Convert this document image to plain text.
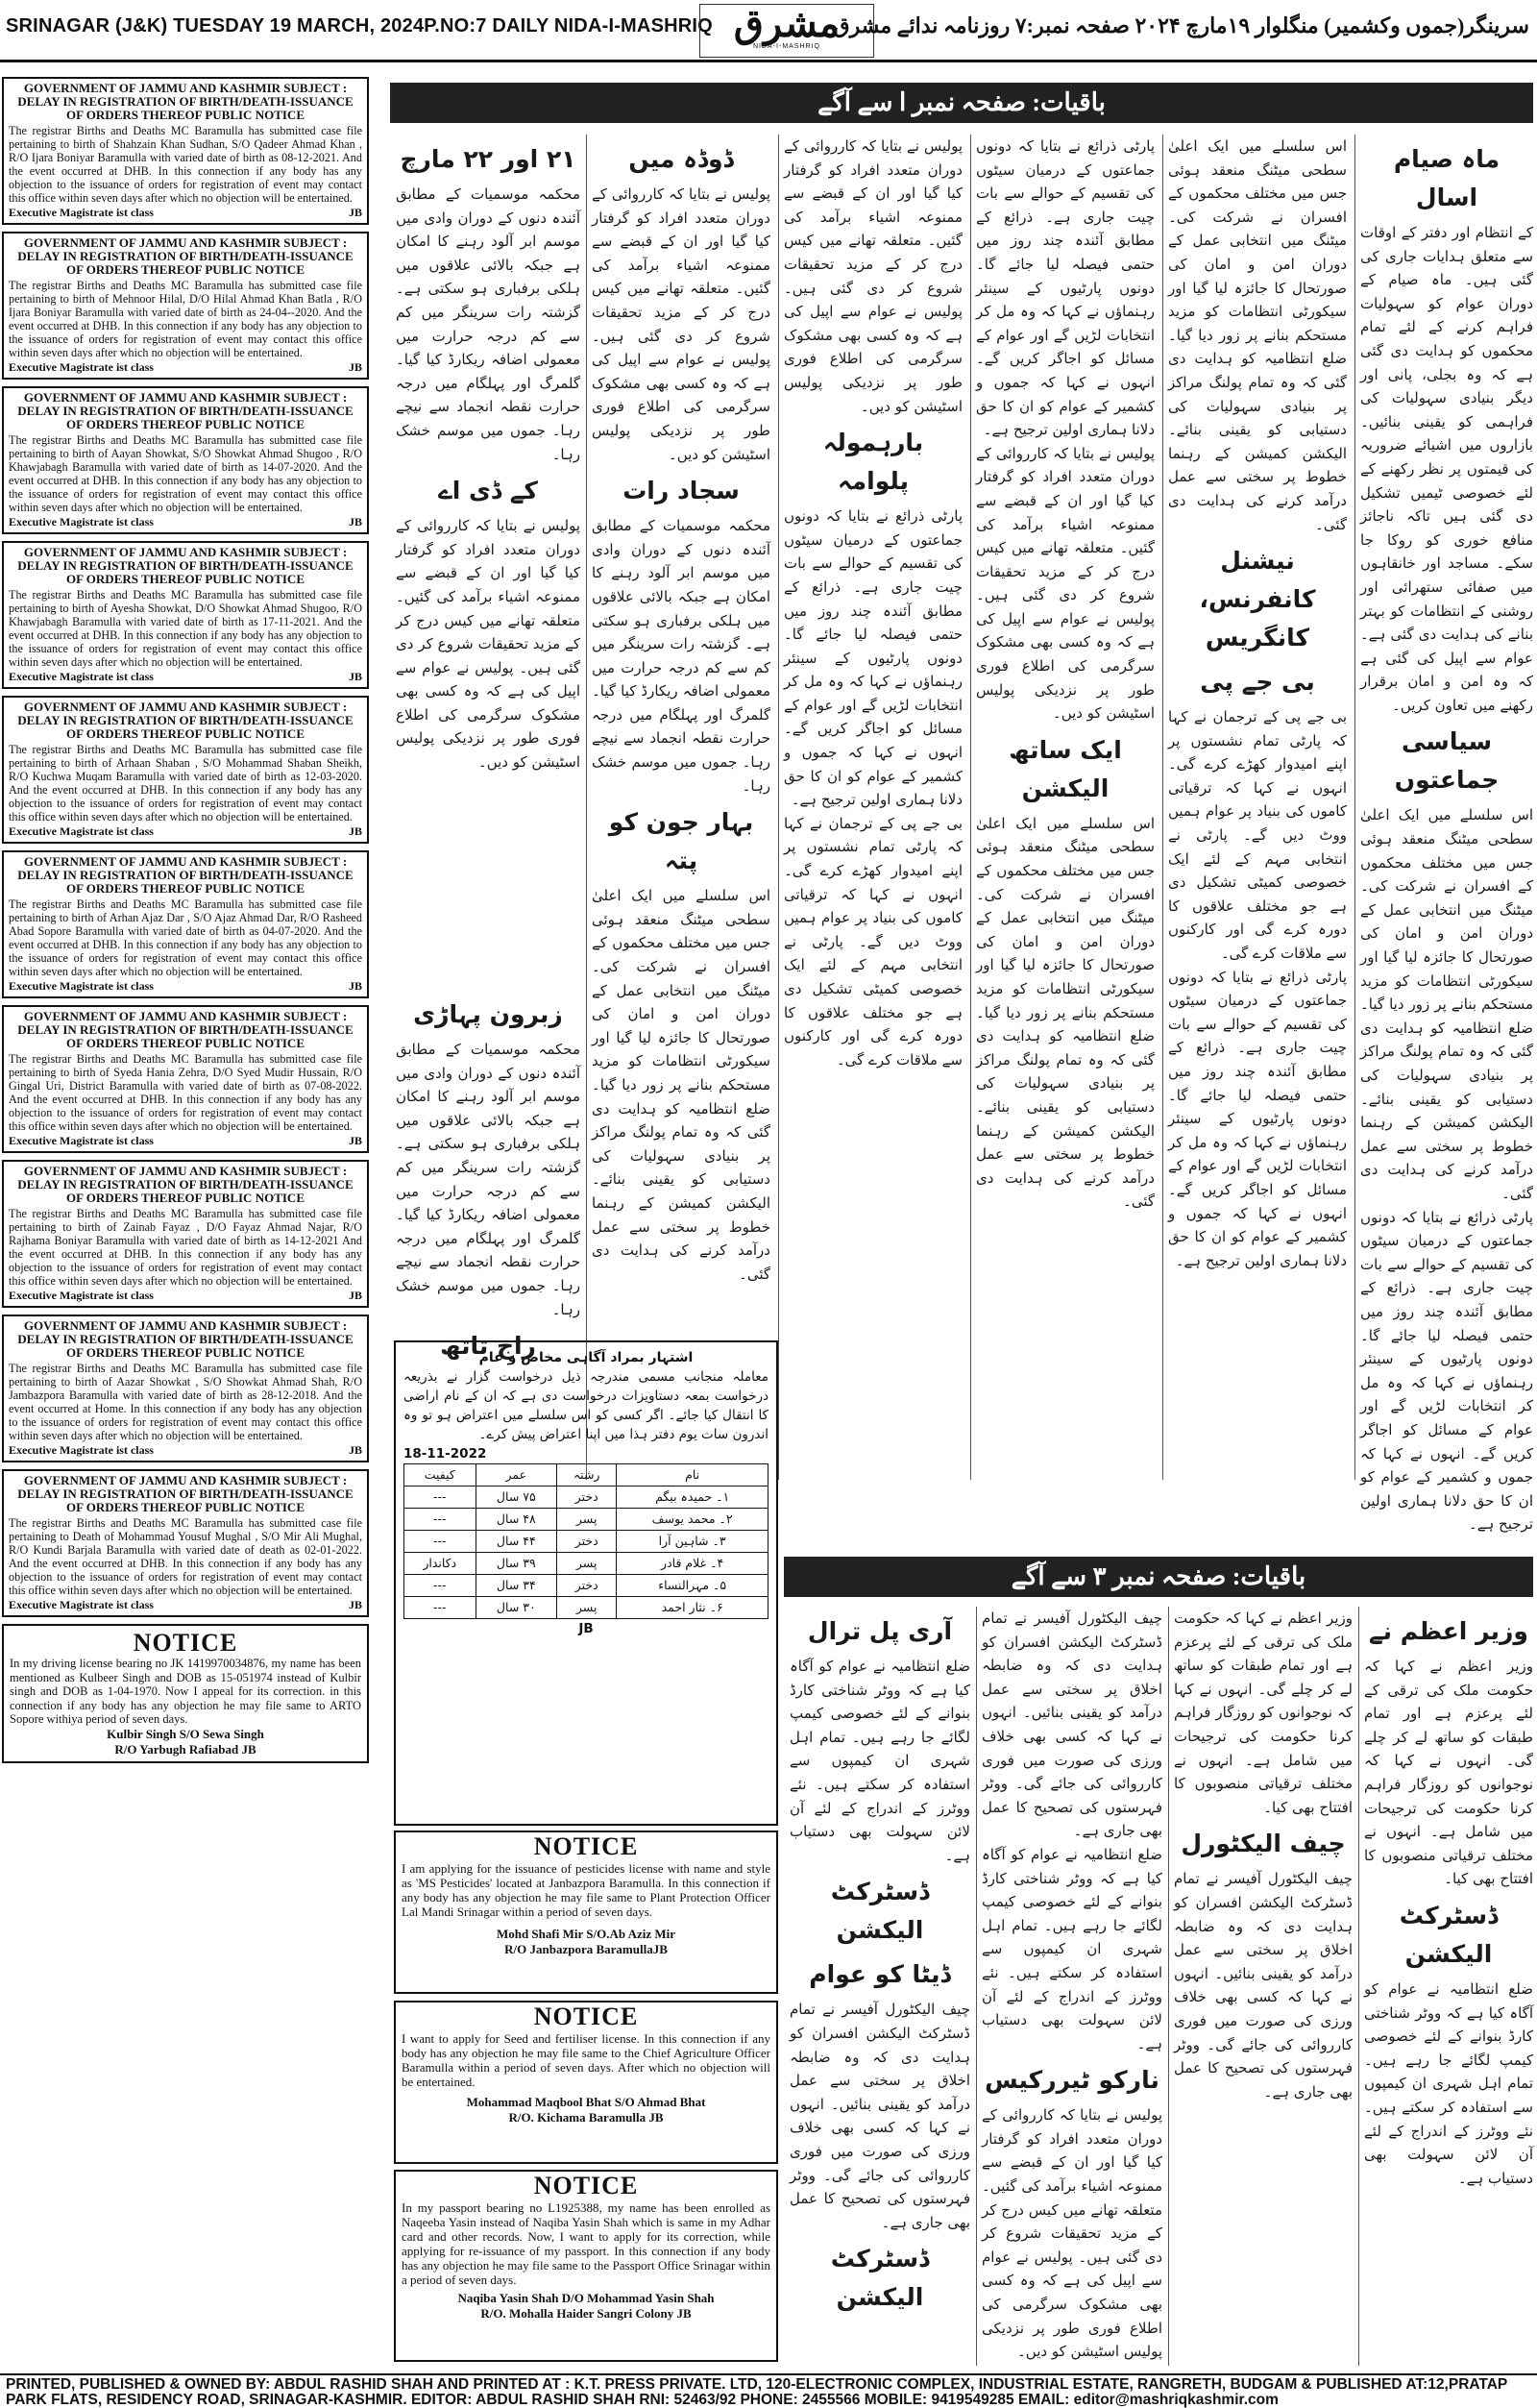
SRINAGAR (J&K) TUESDAY 19 MARCH, 2024P.NO:7 DAILY NIDA-I-MASHRIQ مشرق
NIDA-I-MASHRIQ
سرینگر(جموں وکشمیر) منگلوار ۱۹مارچ ۲۰۲۴ صفحہ نمبر:۷ روزنامہ ندائے مشرق
GOVERNMENT OF JAMMU AND KASHMIR SUBJECT : DELAY IN REGISTRATION OF BIRTH/DEATH-ISSUANCE OF ORDERS THEREOF PUBLIC NOTICE
The registrar Births and Deaths MC Baramulla has submitted case file pertaining to birth of Shahzain Khan Sudhan, S/O Qadeer Ahmad Khan , R/O Ijara Boniyar Baramulla with varied date of birth as 08-12-2021. And the event occurred at DHB. In this connection if any body has any objection to the issuance of orders for registration of event may contact this office within seven days after which no objection will be entertained.
Executive Magistrate ist class	JB
GOVERNMENT OF JAMMU AND KASHMIR SUBJECT : DELAY IN REGISTRATION OF BIRTH/DEATH-ISSUANCE OF ORDERS THEREOF PUBLIC NOTICE
The registrar Births and Deaths MC Baramulla has submitted case file pertaining to birth of Mehnoor Hilal, D/O Hilal Ahmad Khan Batla , R/O Ijara Boniyar Baramulla with varied date of birth as 24-04--2020. And the event occurred at DHB. In this connection if any body has any objection to the issuance of orders for registration of event may contact this office within seven days after which no objection will be entertained.
Executive Magistrate ist class	JB
GOVERNMENT OF JAMMU AND KASHMIR SUBJECT : DELAY IN REGISTRATION OF BIRTH/DEATH-ISSUANCE OF ORDERS THEREOF PUBLIC NOTICE
The registrar Births and Deaths MC Baramulla has submitted case file pertaining to birth of Aayan Showkat, S/O Showkat Ahmad Shugoo , R/O Khawjabagh Baramulla with varied date of birth as 14-07-2020. And the event occurred at DHB. In this connection if any body has any objection to the issuance of orders for registration of event may contact this office within seven days after which no objection will be entertained.
Executive Magistrate ist class	JB
GOVERNMENT OF JAMMU AND KASHMIR SUBJECT : DELAY IN REGISTRATION OF BIRTH/DEATH-ISSUANCE OF ORDERS THEREOF PUBLIC NOTICE
The registrar Births and Deaths MC Baramulla has submitted case file pertaining to birth of Ayesha Showkat, D/O Showkat Ahmad Shugoo, R/O Khawjabagh Baramulla with varied date of birth as 17-11-2021. And the event occurred at DHB. In this connection if any body has any objection to the issuance of orders for registration of event may contact this office within seven days after which no objection will be entertained.
Executive Magistrate ist class	JB
GOVERNMENT OF JAMMU AND KASHMIR SUBJECT : DELAY IN REGISTRATION OF BIRTH/DEATH-ISSUANCE OF ORDERS THEREOF PUBLIC NOTICE
The registrar Births and Deaths MC Baramulla has submitted case file pertaining to birth of Arhaan Shaban , S/O Mohammad Shaban Sheikh, R/O Kuchwa Muqam Baramulla with varied date of birth as 12-03-2020. And the event occurred at DHB. In this connection if any body has any objection to the issuance of orders for registration of event may contact this office within seven days after which no objection will be entertained.
Executive Magistrate ist class	JB
GOVERNMENT OF JAMMU AND KASHMIR SUBJECT : DELAY IN REGISTRATION OF BIRTH/DEATH-ISSUANCE OF ORDERS THEREOF PUBLIC NOTICE
The registrar Births and Deaths MC Baramulla has submitted case file pertaining to birth of Arhan Ajaz Dar , S/O Ajaz Ahmad Dar, R/O Rasheed Abad Sopore Baramulla with varied date of birth as 04-07-2020. And the event occurred at DHB. In this connection if any body has any objection to the issuance of orders for registration of event may contact this office within seven days after which no objection will be entertained.
Executive Magistrate ist class	JB
GOVERNMENT OF JAMMU AND KASHMIR SUBJECT : DELAY IN REGISTRATION OF BIRTH/DEATH-ISSUANCE OF ORDERS THEREOF PUBLIC NOTICE
The registrar Births and Deaths MC Baramulla has submitted case file pertaining to birth of Syeda Hania Zehra, D/O Syed Mudir Hussain, R/O Gingal Uri, District Baramulla with varied date of birth as 07-08-2022. And the event occurred at DHB. In this connection if any body has any objection to the issuance of orders for registration of event may contact this office within seven days after which no objection will be entertained.
Executive Magistrate ist class	JB
GOVERNMENT OF JAMMU AND KASHMIR SUBJECT : DELAY IN REGISTRATION OF BIRTH/DEATH-ISSUANCE OF ORDERS THEREOF PUBLIC NOTICE
The registrar Births and Deaths MC Baramulla has submitted case file pertaining to birth of Zainab Fayaz , D/O Fayaz Ahmad Najar, R/O Rajhama Boniyar Baramulla with varied date of birth as 14-12-2021 And the event occurred at DHB. In this connection if any body has any objection to the issuance of orders for registration of event may contact this office within seven days after which no objection will be entertained.
Executive Magistrate ist class	JB
GOVERNMENT OF JAMMU AND KASHMIR SUBJECT : DELAY IN REGISTRATION OF BIRTH/DEATH-ISSUANCE OF ORDERS THEREOF PUBLIC NOTICE
The registrar Births and Deaths MC Baramulla has submitted case file pertaining to birth of Aazar Showkat , S/O Showkat Ahmad Shah, R/O Jambazpora Baramulla with varied date of birth as 28-12-2018. And the event occurred at Home. In this connection if any body has any objection to the issuance of orders for registration of event may contact this office within seven days after which no objection will be entertained.
Executive Magistrate ist class	JB
GOVERNMENT OF JAMMU AND KASHMIR SUBJECT : DELAY IN REGISTRATION OF BIRTH/DEATH-ISSUANCE OF ORDERS THEREOF PUBLIC NOTICE
The registrar Births and Deaths MC Baramulla has submitted case file pertaining to Death of Mohammad Yousuf Mughal , S/O Mir Ali Mughal, R/O Kundi Barjala Baramulla with varied date of death as 02-01-2022. And the event occurred at DHB. In this connection if any body has any objection to the issuance of orders for registration of event may contact this office within seven days after which no objection will be entertained.
Executive Magistrate ist class	JB
NOTICE
In my driving license bearing no JK 1419970034876, my name has been mentioned as Kulbeer Singh and DOB as 15-051974 instead of Kulbir singh and DOB as 1-04-1970. Now I appeal for its correction. in this connection if any body has any objection he may file same to ARTO Sopore withiya period of seven days.
Kulbir Singh S/O Sewa Singh
R/O Yarbugh Rafiabad JB
باقیات: صفحہ نمبر ا سے آگے
ماہ صیام اسال
کے انتظام اور دفتر کے اوقات سے متعلق ہدایات جاری کی گئی ہیں۔ ماہ صیام کے دوران عوام کو سہولیات فراہم کرنے کے لئے تمام محکموں کو ہدایت دی گئی ہے کہ وہ بجلی، پانی اور دیگر بنیادی سہولیات کی فراہمی کو یقینی بنائیں۔ بازاروں میں اشیائے ضروریہ کی قیمتوں پر نظر رکھنے کے لئے خصوصی ٹیمیں تشکیل دی گئی ہیں تاکہ ناجائز منافع خوری کو روکا جا سکے۔ مساجد اور خانقاہوں میں صفائی ستھرائی اور روشنی کے انتظامات کو بہتر بنانے کی ہدایت دی گئی ہے۔ عوام سے اپیل کی گئی ہے کہ وہ امن و امان برقرار رکھنے میں تعاون کریں۔
سیاسی جماعتوں
اس سلسلے میں ایک اعلیٰ سطحی میٹنگ منعقد ہوئی جس میں مختلف محکموں کے افسران نے شرکت کی۔ میٹنگ میں انتخابی عمل کے دوران امن و امان کی صورتحال کا جائزہ لیا گیا اور سیکورٹی انتظامات کو مزید مستحکم بنانے پر زور دیا گیا۔ ضلع انتظامیہ کو ہدایت دی گئی کہ وہ تمام پولنگ مراکز پر بنیادی سہولیات کی دستیابی کو یقینی بنائے۔ الیکشن کمیشن کے رہنما خطوط پر سختی سے عمل درآمد کرنے کی ہدایت دی گئی۔
پارٹی ذرائع نے بتایا کہ دونوں جماعتوں کے درمیان سیٹوں کی تقسیم کے حوالے سے بات چیت جاری ہے۔ ذرائع کے مطابق آئندہ چند روز میں حتمی فیصلہ لیا جائے گا۔ دونوں پارٹیوں کے سینئر رہنماؤں نے کہا کہ وہ مل کر انتخابات لڑیں گے اور عوام کے مسائل کو اجاگر کریں گے۔ انہوں نے کہا کہ جموں و کشمیر کے عوام کو ان کا حق دلانا ہماری اولین ترجیح ہے۔
اس سلسلے میں ایک اعلیٰ سطحی میٹنگ منعقد ہوئی جس میں مختلف محکموں کے افسران نے شرکت کی۔ میٹنگ میں انتخابی عمل کے دوران امن و امان کی صورتحال کا جائزہ لیا گیا اور سیکورٹی انتظامات کو مزید مستحکم بنانے پر زور دیا گیا۔ ضلع انتظامیہ کو ہدایت دی گئی کہ وہ تمام پولنگ مراکز پر بنیادی سہولیات کی دستیابی کو یقینی بنائے۔ الیکشن کمیشن کے رہنما خطوط پر سختی سے عمل درآمد کرنے کی ہدایت دی گئی۔
نیشنل کانفرنس، کانگریس
بی جے پی
بی جے پی کے ترجمان نے کہا کہ پارٹی تمام نشستوں پر اپنے امیدوار کھڑے کرے گی۔ انہوں نے کہا کہ ترقیاتی کاموں کی بنیاد پر عوام ہمیں ووٹ دیں گے۔ پارٹی نے انتخابی مہم کے لئے ایک خصوصی کمیٹی تشکیل دی ہے جو مختلف علاقوں کا دورہ کرے گی اور کارکنوں سے ملاقات کرے گی۔
پارٹی ذرائع نے بتایا کہ دونوں جماعتوں کے درمیان سیٹوں کی تقسیم کے حوالے سے بات چیت جاری ہے۔ ذرائع کے مطابق آئندہ چند روز میں حتمی فیصلہ لیا جائے گا۔ دونوں پارٹیوں کے سینئر رہنماؤں نے کہا کہ وہ مل کر انتخابات لڑیں گے اور عوام کے مسائل کو اجاگر کریں گے۔ انہوں نے کہا کہ جموں و کشمیر کے عوام کو ان کا حق دلانا ہماری اولین ترجیح ہے۔
پارٹی ذرائع نے بتایا کہ دونوں جماعتوں کے درمیان سیٹوں کی تقسیم کے حوالے سے بات چیت جاری ہے۔ ذرائع کے مطابق آئندہ چند روز میں حتمی فیصلہ لیا جائے گا۔ دونوں پارٹیوں کے سینئر رہنماؤں نے کہا کہ وہ مل کر انتخابات لڑیں گے اور عوام کے مسائل کو اجاگر کریں گے۔ انہوں نے کہا کہ جموں و کشمیر کے عوام کو ان کا حق دلانا ہماری اولین ترجیح ہے۔
پولیس نے بتایا کہ کارروائی کے دوران متعدد افراد کو گرفتار کیا گیا اور ان کے قبضے سے ممنوعہ اشیاء برآمد کی گئیں۔ متعلقہ تھانے میں کیس درج کر کے مزید تحقیقات شروع کر دی گئی ہیں۔ پولیس نے عوام سے اپیل کی ہے کہ وہ کسی بھی مشکوک سرگرمی کی اطلاع فوری طور پر نزدیکی پولیس اسٹیشن کو دیں۔
ایک ساتھ الیکشن
اس سلسلے میں ایک اعلیٰ سطحی میٹنگ منعقد ہوئی جس میں مختلف محکموں کے افسران نے شرکت کی۔ میٹنگ میں انتخابی عمل کے دوران امن و امان کی صورتحال کا جائزہ لیا گیا اور سیکورٹی انتظامات کو مزید مستحکم بنانے پر زور دیا گیا۔ ضلع انتظامیہ کو ہدایت دی گئی کہ وہ تمام پولنگ مراکز پر بنیادی سہولیات کی دستیابی کو یقینی بنائے۔ الیکشن کمیشن کے رہنما خطوط پر سختی سے عمل درآمد کرنے کی ہدایت دی گئی۔
پولیس نے بتایا کہ کارروائی کے دوران متعدد افراد کو گرفتار کیا گیا اور ان کے قبضے سے ممنوعہ اشیاء برآمد کی گئیں۔ متعلقہ تھانے میں کیس درج کر کے مزید تحقیقات شروع کر دی گئی ہیں۔ پولیس نے عوام سے اپیل کی ہے کہ وہ کسی بھی مشکوک سرگرمی کی اطلاع فوری طور پر نزدیکی پولیس اسٹیشن کو دیں۔
بارہمولہ پلوامہ
پارٹی ذرائع نے بتایا کہ دونوں جماعتوں کے درمیان سیٹوں کی تقسیم کے حوالے سے بات چیت جاری ہے۔ ذرائع کے مطابق آئندہ چند روز میں حتمی فیصلہ لیا جائے گا۔ دونوں پارٹیوں کے سینئر رہنماؤں نے کہا کہ وہ مل کر انتخابات لڑیں گے اور عوام کے مسائل کو اجاگر کریں گے۔ انہوں نے کہا کہ جموں و کشمیر کے عوام کو ان کا حق دلانا ہماری اولین ترجیح ہے۔
بی جے پی کے ترجمان نے کہا کہ پارٹی تمام نشستوں پر اپنے امیدوار کھڑے کرے گی۔ انہوں نے کہا کہ ترقیاتی کاموں کی بنیاد پر عوام ہمیں ووٹ دیں گے۔ پارٹی نے انتخابی مہم کے لئے ایک خصوصی کمیٹی تشکیل دی ہے جو مختلف علاقوں کا دورہ کرے گی اور کارکنوں سے ملاقات کرے گی۔
ڈوڈہ میں
پولیس نے بتایا کہ کارروائی کے دوران متعدد افراد کو گرفتار کیا گیا اور ان کے قبضے سے ممنوعہ اشیاء برآمد کی گئیں۔ متعلقہ تھانے میں کیس درج کر کے مزید تحقیقات شروع کر دی گئی ہیں۔ پولیس نے عوام سے اپیل کی ہے کہ وہ کسی بھی مشکوک سرگرمی کی اطلاع فوری طور پر نزدیکی پولیس اسٹیشن کو دیں۔
سجاد رات
محکمہ موسمیات کے مطابق آئندہ دنوں کے دوران وادی میں موسم ابر آلود رہنے کا امکان ہے جبکہ بالائی علاقوں میں ہلکی برفباری ہو سکتی ہے۔ گزشتہ رات سرینگر میں کم سے کم درجہ حرارت میں معمولی اضافہ ریکارڈ کیا گیا۔ گلمرگ اور پہلگام میں درجہ حرارت نقطہ انجماد سے نیچے رہا۔ جموں میں موسم خشک رہا۔
بہار جون کو پتہ
اس سلسلے میں ایک اعلیٰ سطحی میٹنگ منعقد ہوئی جس میں مختلف محکموں کے افسران نے شرکت کی۔ میٹنگ میں انتخابی عمل کے دوران امن و امان کی صورتحال کا جائزہ لیا گیا اور سیکورٹی انتظامات کو مزید مستحکم بنانے پر زور دیا گیا۔ ضلع انتظامیہ کو ہدایت دی گئی کہ وہ تمام پولنگ مراکز پر بنیادی سہولیات کی دستیابی کو یقینی بنائے۔ الیکشن کمیشن کے رہنما خطوط پر سختی سے عمل درآمد کرنے کی ہدایت دی گئی۔
۲۱ اور ۲۲ مارچ
محکمہ موسمیات کے مطابق آئندہ دنوں کے دوران وادی میں موسم ابر آلود رہنے کا امکان ہے جبکہ بالائی علاقوں میں ہلکی برفباری ہو سکتی ہے۔ گزشتہ رات سرینگر میں کم سے کم درجہ حرارت میں معمولی اضافہ ریکارڈ کیا گیا۔ گلمرگ اور پہلگام میں درجہ حرارت نقطہ انجماد سے نیچے رہا۔ جموں میں موسم خشک رہا۔
کے ڈی اے
پولیس نے بتایا کہ کارروائی کے دوران متعدد افراد کو گرفتار کیا گیا اور ان کے قبضے سے ممنوعہ اشیاء برآمد کی گئیں۔ متعلقہ تھانے میں کیس درج کر کے مزید تحقیقات شروع کر دی گئی ہیں۔ پولیس نے عوام سے اپیل کی ہے کہ وہ کسی بھی مشکوک سرگرمی کی اطلاع فوری طور پر نزدیکی پولیس اسٹیشن کو دیں۔
اشتہار بمراد آگاہی مخاص و عام
معاملہ منجانب مسمی مندرجہ ذیل درخواست گزار نے بذریعہ درخواست بمعہ دستاویزات درخواست دی ہے کہ ان کے نام اراضی کا انتقال کیا جائے۔ اگر کسی کو اس سلسلے میں اعتراض ہو تو وہ اندرون سات یوم دفتر ہذا میں اپنا اعتراض پیش کرے۔
18-11-2022
نام	رشتہ	عمر	کیفیت
۱۔ حمیدہ بیگم	دختر	۷۵ سال	---
۲۔ محمد یوسف	پسر	۴۸ سال	---
۳۔ شاہین آرا	دختر	۴۴ سال	---
۴۔ غلام قادر	پسر	۳۹ سال	دکاندار
۵۔ مہرالنساء	دختر	۳۴ سال	---
۶۔ نثار احمد	پسر	۳۰ سال	---
JB
NOTICE
I am applying for the issuance of pesticides license with name and style as 'MS Pesticides' located at Janbazpora Baramulla. In this connection if any body has any objection he may file same to Plant Protection Officer Lal Mandi Srinagar within a period of seven days.
Mohd Shafi Mir S/O.Ab Aziz Mir
R/O Janbazpora BaramullaJB
NOTICE
I want to apply for Seed and fertiliser license. In this connection if any body has any objection he may file same to the Chief Agriculture Officer Baramulla within a period of seven days. After which no objection will be entertained.
Mohammad Maqbool Bhat S/O Ahmad Bhat
R/O. Kichama Baramulla JB
NOTICE
In my passport bearing no L1925388, my name has been enrolled as Naqeeba Yasin instead of Naqiba Yasin Shah which is same in my Adhar card and other records. Now, I want to apply for its correction, while applying for re-issuance of my passport. In this connection if any body has any objection he may file same to the Passport Office Srinagar within a period of seven days.
Naqiba Yasin Shah D/O Mohammad Yasin Shah
R/O. Mohalla Haider Sangri Colony JB
باقیات: صفحہ نمبر ۳ سے آگے
وزیر اعظم نے
وزیر اعظم نے کہا کہ حکومت ملک کی ترقی کے لئے پرعزم ہے اور تمام طبقات کو ساتھ لے کر چلے گی۔ انہوں نے کہا کہ نوجوانوں کو روزگار فراہم کرنا حکومت کی ترجیحات میں شامل ہے۔ انہوں نے مختلف ترقیاتی منصوبوں کا افتتاح بھی کیا۔
ڈسٹرکٹ الیکشن
ضلع انتظامیہ نے عوام کو آگاہ کیا ہے کہ ووٹر شناختی کارڈ بنوانے کے لئے خصوصی کیمپ لگائے جا رہے ہیں۔ تمام اہل شہری ان کیمپوں سے استفادہ کر سکتے ہیں۔ نئے ووٹرز کے اندراج کے لئے آن لائن سہولت بھی دستیاب ہے۔
وزیر اعظم نے کہا کہ حکومت ملک کی ترقی کے لئے پرعزم ہے اور تمام طبقات کو ساتھ لے کر چلے گی۔ انہوں نے کہا کہ نوجوانوں کو روزگار فراہم کرنا حکومت کی ترجیحات میں شامل ہے۔ انہوں نے مختلف ترقیاتی منصوبوں کا افتتاح بھی کیا۔
چیف الیکٹورل
چیف الیکٹورل آفیسر نے تمام ڈسٹرکٹ الیکشن افسران کو ہدایت دی کہ وہ ضابطہ اخلاق پر سختی سے عمل درآمد کو یقینی بنائیں۔ انہوں نے کہا کہ کسی بھی خلاف ورزی کی صورت میں فوری کارروائی کی جائے گی۔ ووٹر فہرستوں کی تصحیح کا عمل بھی جاری ہے۔
چیف الیکٹورل آفیسر نے تمام ڈسٹرکٹ الیکشن افسران کو ہدایت دی کہ وہ ضابطہ اخلاق پر سختی سے عمل درآمد کو یقینی بنائیں۔ انہوں نے کہا کہ کسی بھی خلاف ورزی کی صورت میں فوری کارروائی کی جائے گی۔ ووٹر فہرستوں کی تصحیح کا عمل بھی جاری ہے۔
ضلع انتظامیہ نے عوام کو آگاہ کیا ہے کہ ووٹر شناختی کارڈ بنوانے کے لئے خصوصی کیمپ لگائے جا رہے ہیں۔ تمام اہل شہری ان کیمپوں سے استفادہ کر سکتے ہیں۔ نئے ووٹرز کے اندراج کے لئے آن لائن سہولت بھی دستیاب ہے۔
نارکو ٹیررکیس
پولیس نے بتایا کہ کارروائی کے دوران متعدد افراد کو گرفتار کیا گیا اور ان کے قبضے سے ممنوعہ اشیاء برآمد کی گئیں۔ متعلقہ تھانے میں کیس درج کر کے مزید تحقیقات شروع کر دی گئی ہیں۔ پولیس نے عوام سے اپیل کی ہے کہ وہ کسی بھی مشکوک سرگرمی کی اطلاع فوری طور پر نزدیکی پولیس اسٹیشن کو دیں۔
آری پل ترال
ضلع انتظامیہ نے عوام کو آگاہ کیا ہے کہ ووٹر شناختی کارڈ بنوانے کے لئے خصوصی کیمپ لگائے جا رہے ہیں۔ تمام اہل شہری ان کیمپوں سے استفادہ کر سکتے ہیں۔ نئے ووٹرز کے اندراج کے لئے آن لائن سہولت بھی دستیاب ہے۔
ڈسٹرکٹ الیکشن
ڈیٹا کو عوام
چیف الیکٹورل آفیسر نے تمام ڈسٹرکٹ الیکشن افسران کو ہدایت دی کہ وہ ضابطہ اخلاق پر سختی سے عمل درآمد کو یقینی بنائیں۔ انہوں نے کہا کہ کسی بھی خلاف ورزی کی صورت میں فوری کارروائی کی جائے گی۔ ووٹر فہرستوں کی تصحیح کا عمل بھی جاری ہے۔
ڈسٹرکٹ الیکشن
زبرون پہاڑی
محکمہ موسمیات کے مطابق آئندہ دنوں کے دوران وادی میں موسم ابر آلود رہنے کا امکان ہے جبکہ بالائی علاقوں میں ہلکی برفباری ہو سکتی ہے۔ گزشتہ رات سرینگر میں کم سے کم درجہ حرارت میں معمولی اضافہ ریکارڈ کیا گیا۔ گلمرگ اور پہلگام میں درجہ حرارت نقطہ انجماد سے نیچے رہا۔ جموں میں موسم خشک رہا۔
راج تاتھ
PRINTED, PUBLISHED & OWNED BY: ABDUL RASHID SHAH AND PRINTED AT : K.T. PRESS PRIVATE. LTD, 120-ELECTRONIC COMPLEX, INDUSTRIAL ESTATE, RANGRETH, BUDGAM & PUBLISHED AT:12,PRATAP
PARK FLATS, RESIDENCY ROAD, SRINAGAR-KASHMIR. EDITOR: ABDUL RASHID SHAH RNI: 52463/92 PHONE: 2455566 MOBILE: 9419549285 EMAIL: editor@mashriqkashmir.com
